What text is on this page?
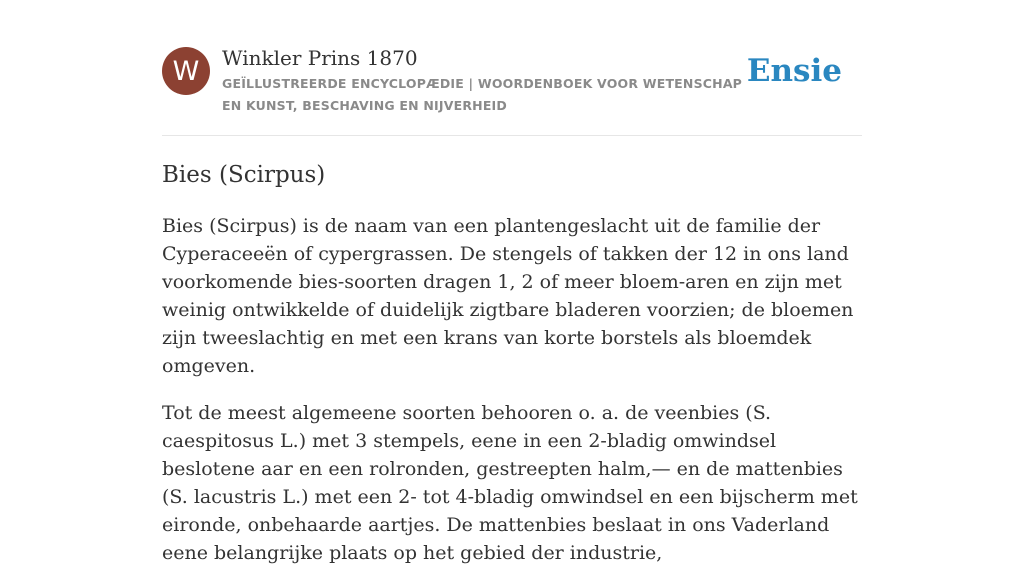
W	Winkler Prins 1870
GEÏLLUSTREERDE ENCYCLOPÆDIE | WOORDENBOEK VOOR WETENSCHAP EN KUNST, BESCHAVING EN NIJVERHEID
Ensie
Bies (Scirpus)

Bies (Scirpus) is de naam van een plantengeslacht uit de familie der Cyperaceeën of cypergrassen. De stengels of takken der 12 in ons land voorkomende bies-soorten dragen 1, 2 of meer bloem-aren en zijn met weinig ontwikkelde of duidelijk zigtbare bladeren voorzien; de bloemen zijn tweeslachtig en met een krans van korte borstels als bloemdek omgeven.

Tot de meest algemeene soorten behooren o. a. de veenbies (S. caespitosus L.) met 3 stempels, eene in een 2-bladig omwindsel beslotene aar en een rolronden, gestreepten halm,— en de mattenbies (S. lacustris L.) met een 2- tot 4-bladig omwindsel en een bijscherm met eironde, onbehaarde aartjes. De mattenbies beslaat in ons Vaderland eene belangrijke plaats op het gebied der industrie,
